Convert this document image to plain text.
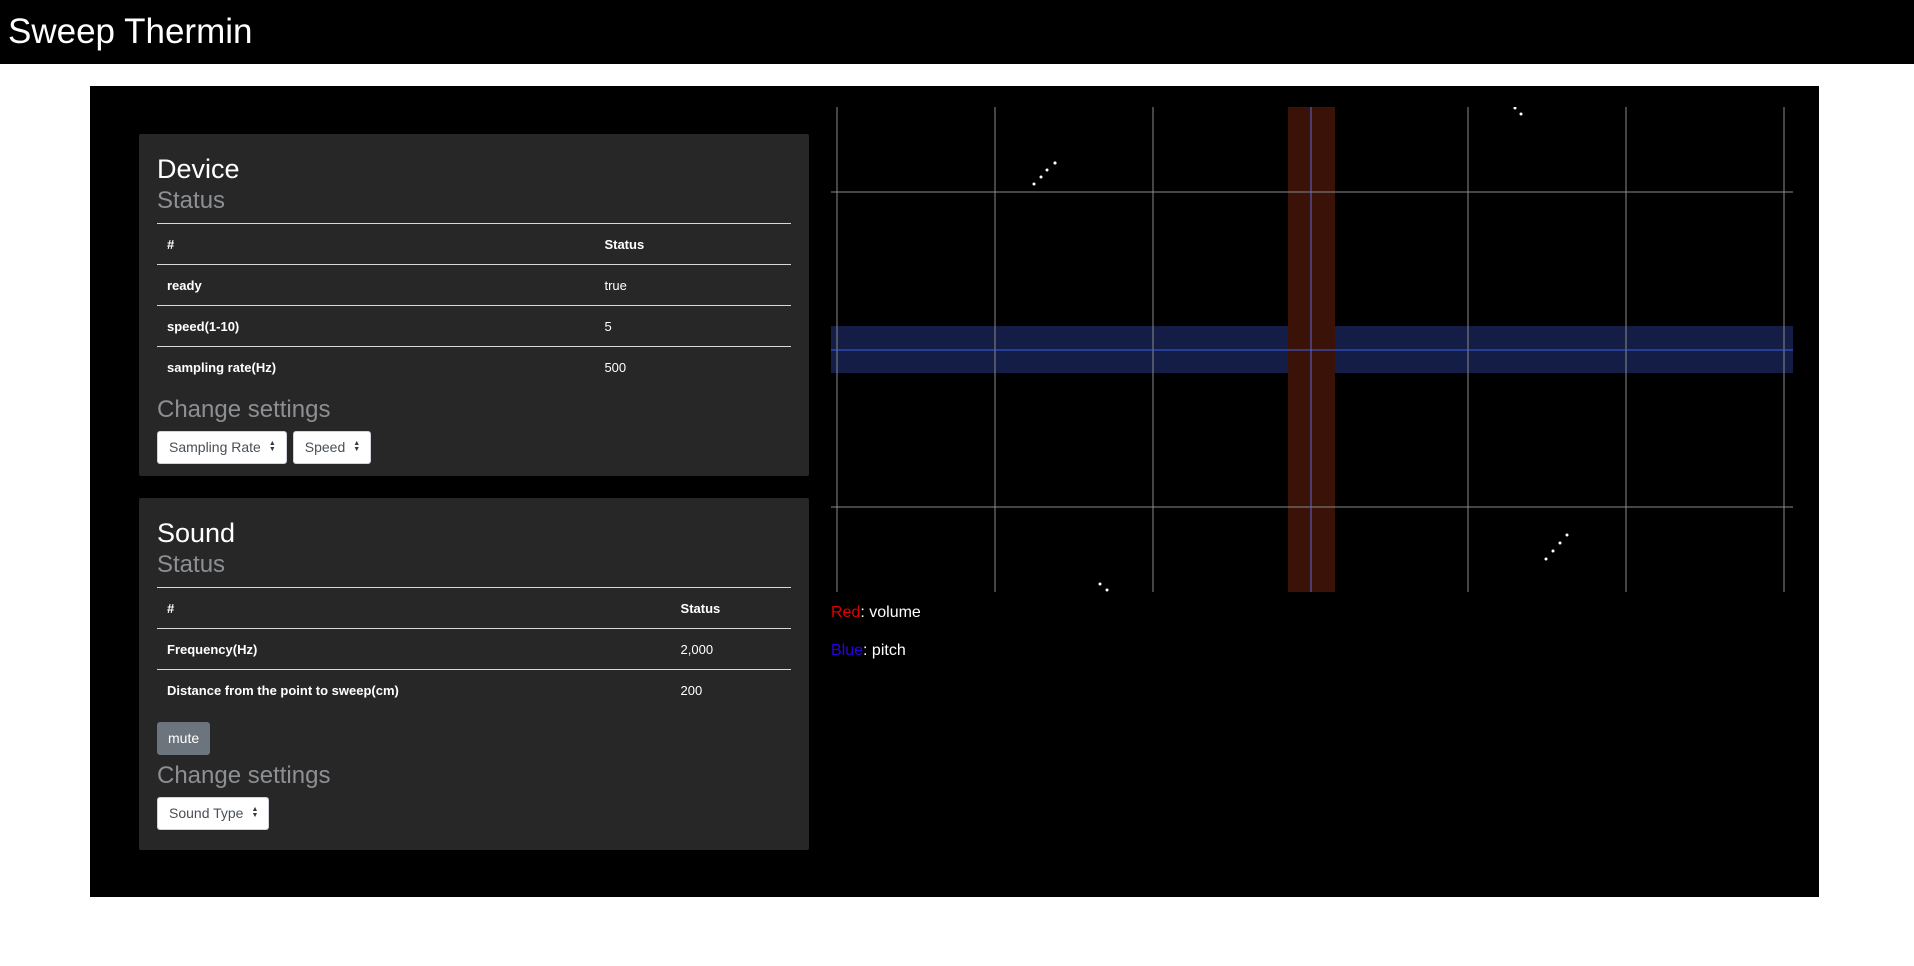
Sweep Thermin
Device
Status
#	Status
ready	true
speed(1-10)	5
sampling rate(Hz)	500
Change settings
Sampling Rate ▲
▼ Speed ▲
▼
Sound
Status
#	Status
Frequency(Hz)	2,000
Distance from the point to sweep(cm)	200
mute
Change settings
Sound Type ▲
▼
Red: volume
Blue: pitch
